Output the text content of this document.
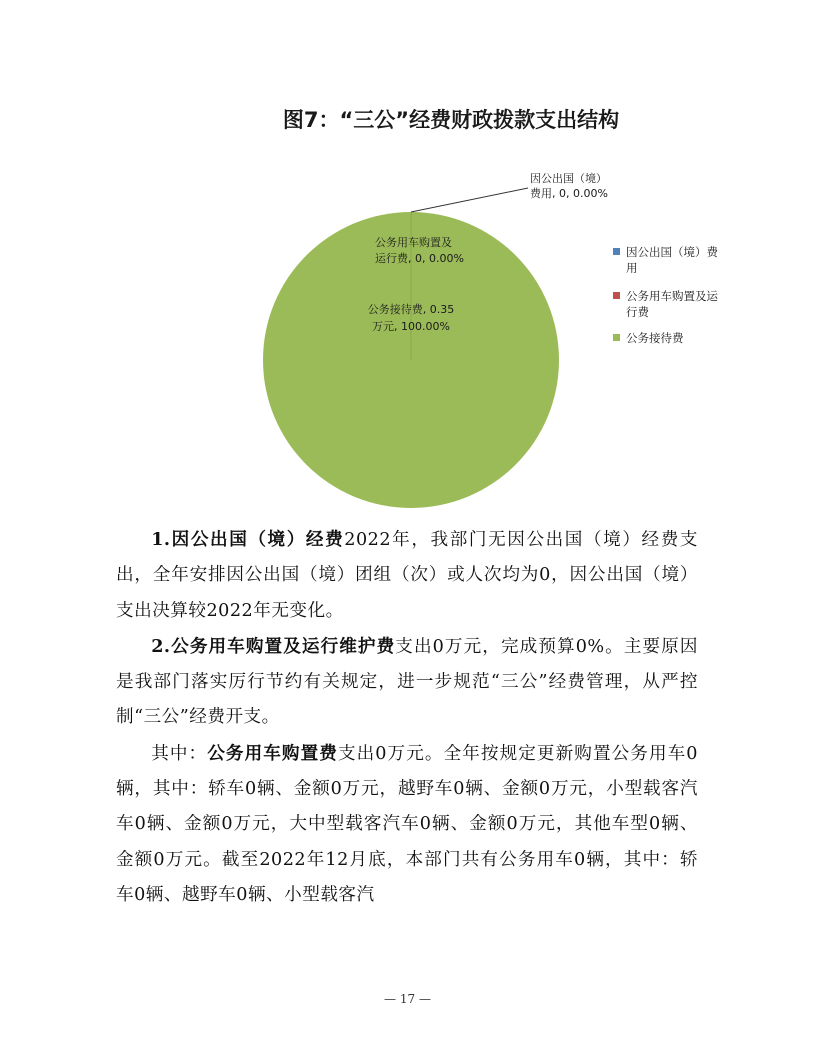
图7：“三公”经费财政拨款支出结构
因公出国（境）
费用, 0, 0.00%
公务用车购置及
运行费, 0, 0.00%
公务接待费, 0.35
万元, 100.00%
因公出国（境）费
用
公务用车购置及运
行费
公务接待费

1.因公出国（境）经费2022年，我部门无因公出国（境）经费支出，全年安排因公出国（境）团组（次）或人次均为0，因公出国（境）支出决算较2022年无变化。

2.公务用车购置及运行维护费支出0万元，完成预算0%。主要原因是我部门落实厉行节约有关规定，进一步规范“三公”经费管理，从严控制“三公”经费开支。

其中：公务用车购置费支出0万元。全年按规定更新购置公务用车0辆，其中：轿车0辆、金额0万元，越野车0辆、金额0万元，小型载客汽车0辆、金额0万元，大中型载客汽车0辆、金额0万元，其他车型0辆、金额0万元。截至2022年12月底，本部门共有公务用车0辆，其中：轿车0辆、越野车0辆、小型载客汽

— 17 —
